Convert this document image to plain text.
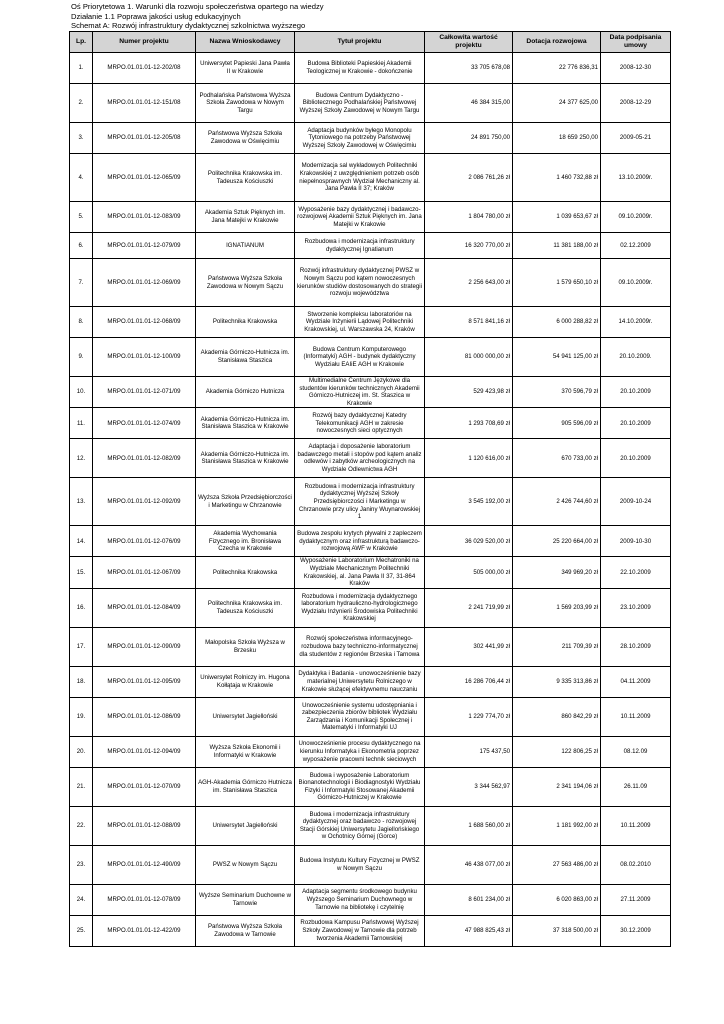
Oś Priorytetowa 1. Warunki dla rozwoju społeczeństwa opartego na wiedzy
Działanie 1.1 Poprawa jakości usług edukacyjnych
Schemat A: Rozwój infrastruktury dydaktycznej szkolnictwa wyższego
Lp.	Numer projektu	Nazwa Wnioskodawcy	Tytuł projektu	Całkowita wartość projektu	Dotacja rozwojowa	Data podpisania umowy
1.	MRPO.01.01.01-12-202/08	Uniwersytet Papieski Jana Pawła II w Krakowie	Budowa Biblioteki Papieskiej Akademii Teologicznej w Krakowie - dokończenie	33 705 678,08	22 776 836,31	2008-12-30
2.	MRPO.01.01.01-12-151/08	Podhalańska Państwowa Wyższa Szkoła Zawodowa w Nowym Targu	Budowa Centrum Dydaktyczno - Bibliotecznego Podhalańskiej Państwowej Wyższej Szkoły Zawodowej w Nowym Targu	46 384 315,00	24 377 625,00	2008-12-29
3.	MRPO.01.01.01-12-205/08	Państwowa Wyższa Szkoła Zawodowa w Oświęcimiu	Adaptacja budynków byłego Monopolu Tytoniowego na potrzeby Państwowej Wyższej Szkoły Zawodowej w Oświęcimiu	24 891 750,00	18 659 250,00	2009-05-21
4.	MRPO.01.01.01-12-065/09	Politechnika Krakowska im. Tadeusza Kościuszki	Modernizacja sal wykładowych Politechniki Krakowskiej z uwzględnieniem potrzeb osób niepełnosprawnych Wydział Mechaniczny al. Jana Pawła II 37; Kraków	2 086 761,26 zł	1 460 732,88 zł	13.10.2009r.
5.	MRPO.01.01.01-12-083/09	Akademia Sztuk Pięknych im. Jana Matejki w Krakowie	Wyposażenie bazy dydaktycznej i badawczo-rozwojowej Akademii Sztuk Pięknych im. Jana Matejki w Krakowie	1 804 780,00 zł	1 039 653,67 zł	09.10.2009r.
6.	MRPO.01.01.01-12-079/09	IGNATIANUM	Rozbudowa i modernizacja infrastruktury dydaktycznej Ignatianum	16 320 770,00 zł	11 381 188,00 zł	02.12.2009
7.	MRPO.01.01.01-12-069/09	Państwowa Wyższa Szkoła Zawodowa w Nowym Sączu	Rozwój infrastruktury dydaktycznej PWSZ w Nowym Sączu pod kątem nowoczesnych kierunków studiów dostosowanych do strategii rozwoju województwa	2 256 643,00 zł	1 579 650,10 zł	09.10.2009r.
8.	MRPO.01.01.01-12-068/09	Politechnika Krakowska	Stworzenie kompleksu laboratoriów na Wydziale Inżynierii Lądowej Politechniki Krakowskiej, ul. Warszawska 24, Kraków	8 571 841,16 zł	6 000 288,82 zł	14.10.2009r.
9.	MRPO.01.01.01-12-100/09	Akademia Górniczo-Hutnicza im. Stanisława Staszica	Budowa Centrum Komputerowego (Informatyki) AGH - budynek dydaktyczny Wydziału EAIiE AGH w Krakowie	81 000 000,00 zł	54 941 125,00 zł	20.10.2009.
10.	MRPO.01.01.01-12-071/09	Akademia Górniczo Hutnicza	Multimedialne Centrum Językowe dla studentów kierunków technicznych Akademii Górniczo-Hutniczej im. St. Staszica w Krakowie	529 423,98 zł	370 596,79 zł	20.10.2009
11.	MRPO.01.01.01-12-074/09	Akademia Górniczo-Hutnicza im. Stanisława Staszica w Krakowie	Rozwój bazy dydaktycznej Katedry Telekomunikacji AGH w zakresie nowoczesnych sieci optycznych	1 293 708,69 zł	905 596,09 zł	20.10.2009
12.	MRPO.01.01.01-12-082/09	Akademia Górniczo-Hutnicza im. Stanisława Staszica w Krakowie	Adaptacja i doposażenie laboratorium badawczego metali i stopów pod kątem analiz odlewów i zabytków archeologicznych na Wydziale Odlewnictwa AGH	1 120 616,00 zł	670 733,00 zł	20.10.2009
13.	MRPO.01.01.01-12-092/09	Wyższa Szkoła Przedsiębiorczości i Marketingu w Chrzanowie	Rozbudowa i modernizacja infrastruktury dydaktycznej Wyższej Szkoły Przedsiębiorczości i Marketingu w Chrzanowie przy ulicy Janiny Wuynarowskiej 1	3 545 192,00 zł	2 426 744,60 zł	2009-10-24
14.	MRPO.01.01.01-12-076/09	Akademia Wychowania Fizycznego im. Bronisława Czecha w Krakowie	Budowa zespołu krytych pływalni z zapleczem dydaktycznym oraz infrastrukturą badawczo-rozwojową AWF w Krakowie	36 029 520,00 zł	25 220 664,00 zł	2009-10-30
15.	MRPO.01.01.01-12-067/09	Politechnika Krakowska	Wyposażenie Laboratorium Mechatroniki na Wydziale Mechanicznym Politechniki Krakowskiej, al. Jana Pawła II 37, 31-864 Kraków	505 000,00 zł	349 969,20 zł	22.10.2009
16.	MRPO.01.01.01-12-084/09	Politechnika Krakowska im. Tadeusza Kościuszki	Rozbudowa i modernizacja dydaktycznego laboratorium hydrauliczno-hydrologicznego Wydziału Inżynierii Środowiska Politechniki Krakowskiej	2 241 719,99 zł	1 569 203,99 zł	23.10.2009
17.	MRPO.01.01.01-12-090/09	Małopolska Szkoła Wyższa w Brzesku	Rozwój społeczeństwa informacyjnego-rozbudowa bazy techniczno-informatycznej dla studentów z regionów Brzeska i Tarnowa	302 441,99 zł	211 709,39 zł	28.10.2009
18.	MRPO.01.01.01-12-095/09	Uniwersytet Rolniczy im. Hugona Kołłątaja w Krakowie	Dydaktyka i Badania - unowocześnienie bazy materialnej Uniwersytetu Rolniczego w Krakowie służącej efektywnemu nauczaniu	16 286 706,44 zł	9 335 313,86 zł	04.11.2009
19.	MRPO.01.01.01-12-086/09	Uniwersytet Jagielloński	Unowocześnienie systemu udostępniania i zabezpieczenia zbiorów bibliotek Wydziału Zarządzania i Komunikacji Społecznej i Matematyki i Informatyki UJ	1 229 774,70 zł	860 842,29 zł	10.11.2009
20.	MRPO.01.01.01-12-094/09	Wyższa Szkoła Ekonomii i Informatyki w Krakowie	Unowocześnienie procesu dydaktycznego na kierunku Informatyka i Ekonometria poprzez wyposażenie pracowni technik sieciowych	175 437,50	122 806,25 zł	08.12.09
21.	MRPO.01.01.01-12-070/09	AGH-Akademia Górniczo Hutnicza im. Stanisława Staszica	Budowa i wyposażenie Laboratorium Bionanotechnologii i Biodiagnostyki Wydziału Fizyki i Informatyki Stosowanej Akademii Górniczo-Hutniczej w Krakowie	3 344 562,97	2 341 194,06 zł	26.11.09
22.	MRPO.01.01.01-12-088/09	Uniwersytet Jagielloński	Budowa i modernizacja infrastruktury dydaktycznej oraz badawczo - rozwojowej Stacji Górskiej Uniwersytetu Jagiellońskiego w Ochotnicy Górnej (Gorce)	1 688 560,00 zł	1 181 992,00 zł	10.11.2009
23.	MRPO.01.01.01-12-490/09	PWSZ w Nowym Sączu	Budowa Instytutu Kultury Fizycznej w PWSZ w Nowym Sączu	46 438 077,00 zł	27 563 486,00 zł	08.02.2010
24.	MRPO.01.01.01-12-078/09	Wyższe Seminarium Duchowne w Tarnowie	Adaptacja segmentu środkowego budynku Wyższego Seminarium Duchownego w Tarnowie na bibliotekę i czytelnię	8 601 234,00 zł	6 020 863,00 zł	27.11.2009
25.	MRPO.01.01.01-12-422/09	Państwowa Wyższa Szkoła Zawodowa w Tarnowie	Rozbudowa Kampusu Państwowej Wyższej Szkoły Zawodowej w Tarnowie dla potrzeb tworzenia Akademii Tarnowskiej	47 988 825,43 zł	37 318 500,00 zł	30.12.2009
